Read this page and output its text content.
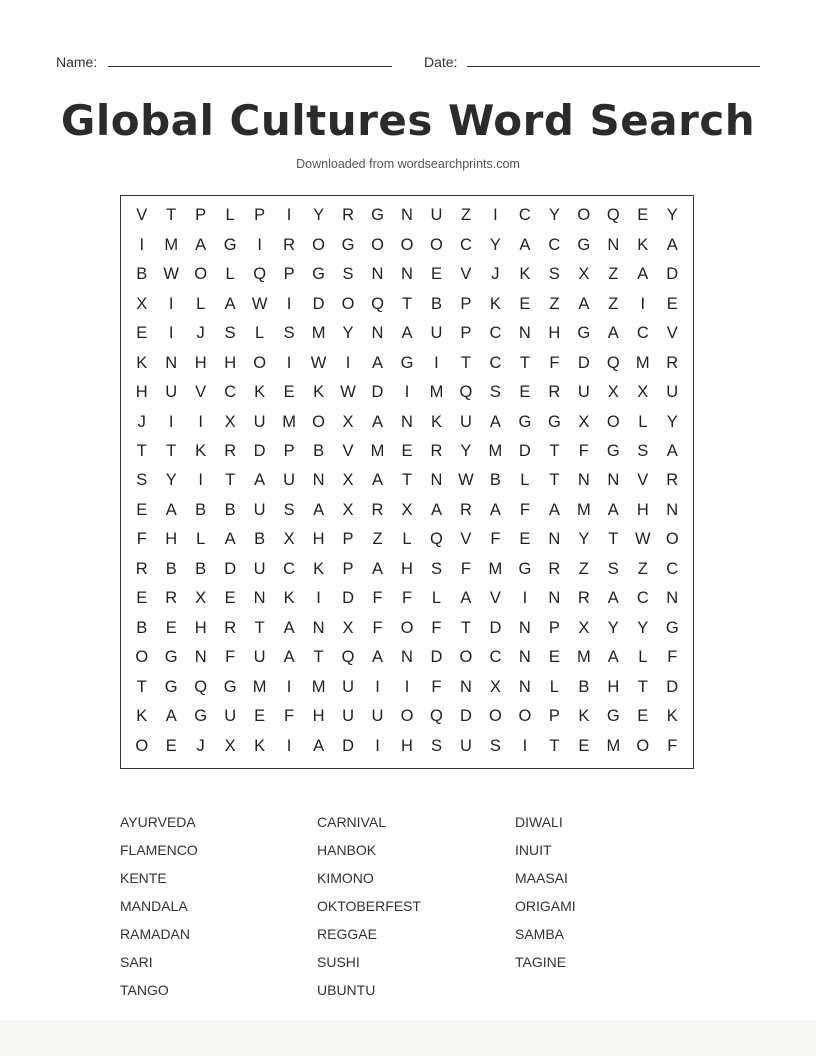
Name:	Date:
Global Cultures Word Search
Downloaded from wordsearchprints.com
V	T	P	L	P	I	Y	R	G	N	U	Z	I	C	Y	O	Q	E	Y
I	M	A	G	I	R	O	G	O	O	O	C	Y	A	C	G	N	K	A
B W O	L	Q	P	G	S	N	N	E	V	J	K	S	X	Z	A	D
X	I	L	A W	I	D	O	Q	T	B	P	K	E	Z	A	Z	I	E
E	I	J	S	L	S	M	Y	N	A	U	P	C	N	H	G	A	C	V
K	N	H	H	O	I	W	I	A	G	I	T	C	T	F	D	Q M	R
H	U	V	C	K	E	K W D	I	M Q	S	E	R	U	X	X	U
J	I	I	X	U	M O	X	A	N	K	U	A	G	G	X	O	L	Y
T	T	K	R	D	P	B	V	M	E	R	Y	M	D	T	F	G	S	A
S	Y	I	T	A	U	N	X	A	T	N W B	L	T	N	N	V	R
E	A	B	B	U	S	A	X	R	X	A	R	A	F	A	M	A	H	N
F	H	L	A	B	X	H	P	Z	L	Q	V	F	E	N	Y	T	W O
R	B	B	D	U	C	K	P	A	H	S	F	M G	R	Z	S	Z	C
E	R	X	E	N	K	I	D	F	F	L	A	V	I	N	R	A	C	N
B	E	H	R	T	A	N	X	F	O	F	T	D	N	P	X	Y	Y	G
O	G	N	F	U	A	T	Q	A	N	D	O	C	N	E	M	A	L	F
T	G	Q	G M	I	M	U	I	I	F	N	X	N	L	B	H	T	D
K	A	G	U	E	F	H	U	U	O	Q	D	O	O	P	K	G	E	K
O	E	J	X	K	I	A	D	I	H	S	U	S	I	T	E	M O	F
AYURVEDA	CARNIVAL	DIWALI
FLAMENCO	HANBOK	INUIT
KENTE	KIMONO	MAASAI
MANDALA	OKTOBERFEST	ORIGAMI
RAMADAN	REGGAE	SAMBA
SARI	SUSHI	TAGINE
TANGO	UBUNTU
